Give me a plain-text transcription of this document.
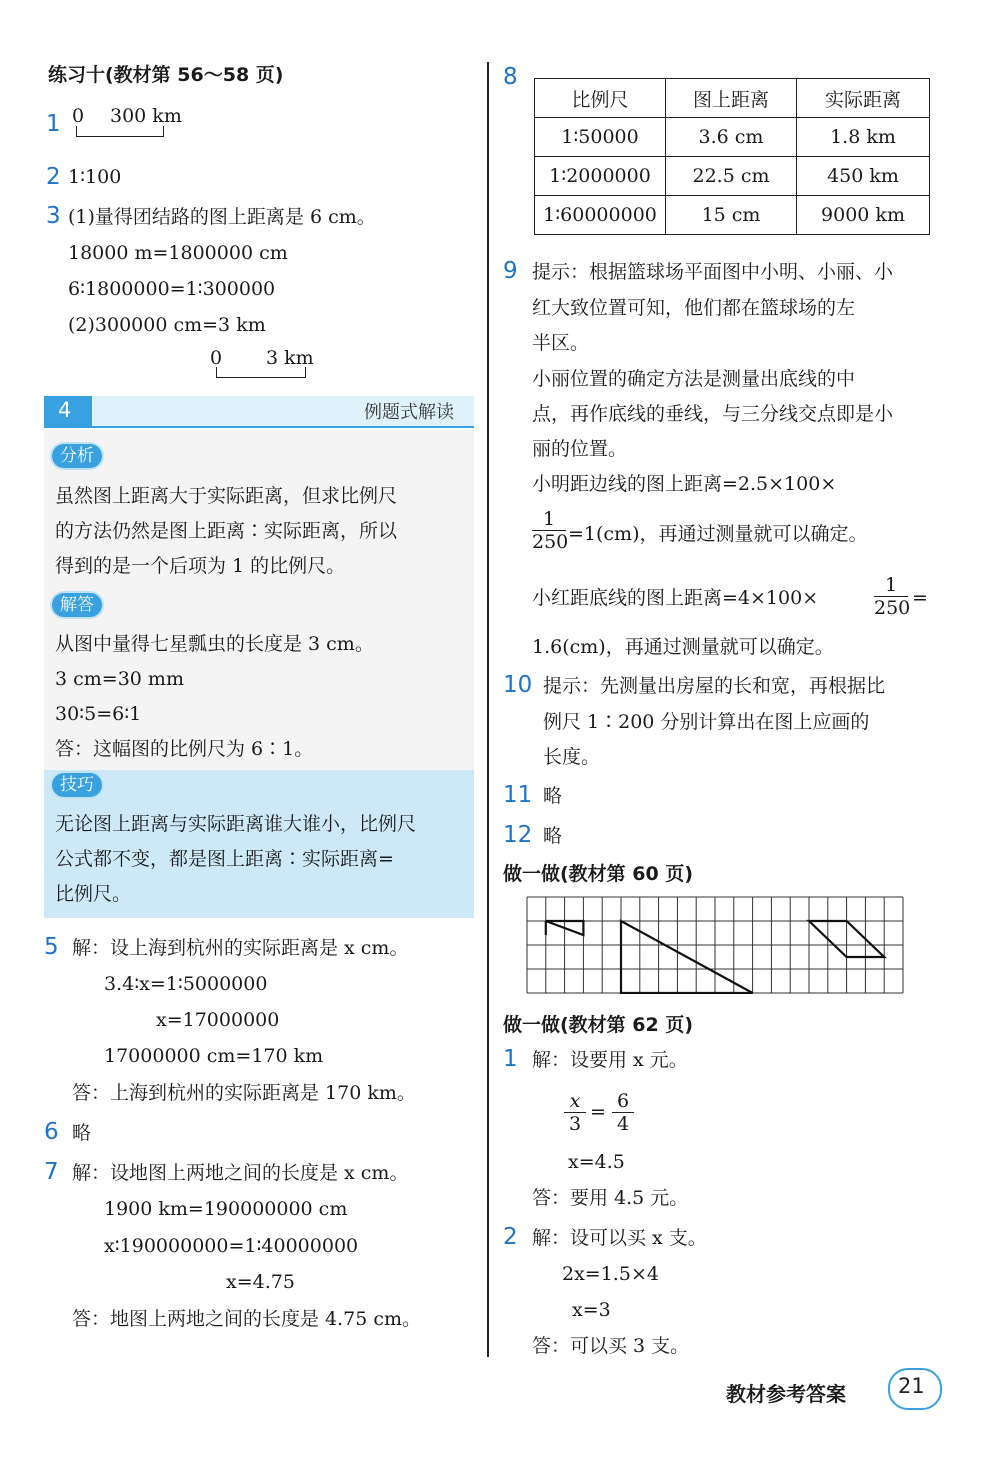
练习十(教材第 56～58 页)
1 0 300 km
2 1∶100
3 (1)量得团结路的图上距离是 6 cm。
18000 m=1800000 cm
6∶1800000=1∶300000
(2)300000 cm=3 km
0 3 km
4	例题式解读
分析
虽然图上距离大于实际距离，但求比例尺
的方法仍然是图上距离∶实际距离，所以
得到的是一个后项为 1 的比例尺。
解答
从图中量得七星瓢虫的长度是 3 cm。
3 cm=30 mm
30∶5=6∶1
答：这幅图的比例尺为 6∶1。
技巧
无论图上距离与实际距离谁大谁小，比例尺
公式都不变，都是图上距离∶实际距离=
比例尺。
5 解：设上海到杭州的实际距离是 x cm。
3.4∶x=1∶5000000
x=17000000
17000000 cm=170 km
答：上海到杭州的实际距离是 170 km。
6 略
7 解：设地图上两地之间的长度是 x cm。
1900 km=190000000 cm
x∶190000000=1∶40000000
x=4.75
答：地图上两地之间的长度是 4.75 cm。
8
比例尺	图上距离	实际距离
1∶50000	3.6 cm	1.8 km
1∶2000000	22.5 cm	450 km
1∶60000000	15 cm	9000 km
9 提示：根据篮球场平面图中小明、小丽、小
红大致位置可知，他们都在篮球场的左
半区。
小丽位置的确定方法是测量出底线的中
点，再作底线的垂线，与三分线交点即是小
丽的位置。
小明距边线的图上距离=2.5×100×
$\frac{1}{250} =1(cm)$，再通过测量就可以确定。
小红距底线的图上距离=4×100×	$\frac{1}{250}$ =
1.6(cm)，再通过测量就可以确定。
10 提示：先测量出房屋的长和宽，再根据比
例尺 1∶200 分别计算出在图上应画的
长度。
11 略
12 略
做一做(教材第 60 页)
做一做(教材第 62 页)
1 解：设要用 x 元。
$\frac{x}{3} = \frac{6}{4}$
x=4.5
答：要用 4.5 元。
2 解：设可以买 x 支。
2x=1.5×4
x=3
答：可以买 3 支。
教材参考答案 21
